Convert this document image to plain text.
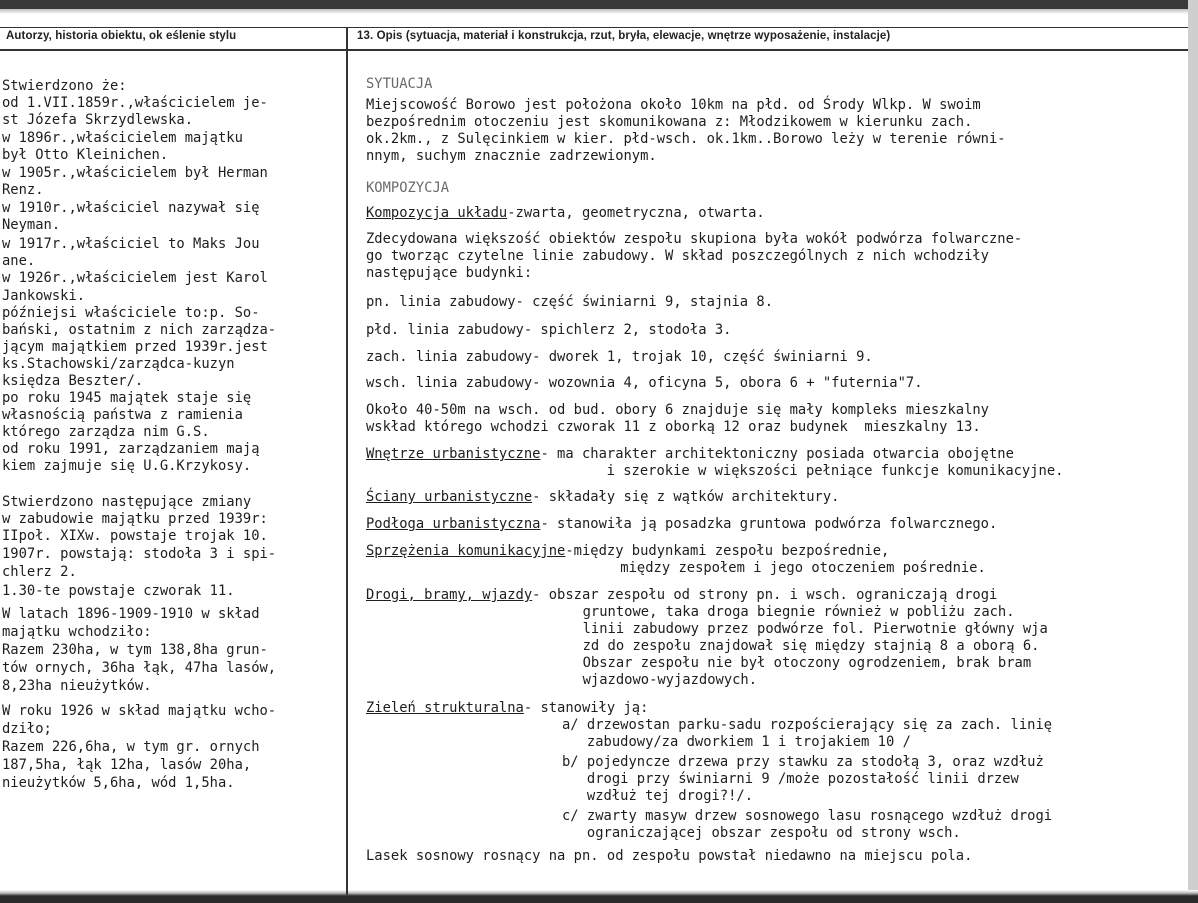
Autorzy, historia obiektu, ok eślenie stylu	13. Opis (sytuacja, materiał i konstrukcja, rzut, bryła, elewacje, wnętrze wyposażenie, instalacje)
Stwierdzono że:
od 1.VII.1859r.,właścicielem je-
st Józefa Skrzydlewska.
w 1896r.,właścicielem majątku
był Otto Kleinichen.
w 1905r.,właścicielem był Herman
Renz.
w 1910r.,właściciel nazywał się
Neyman.
w 1917r.,właściciel to Maks Jou
ane.
w 1926r.,właścicielem jest Karol
Jankowski.
późniejsi właściciele to:p. So-
bański, ostatnim z nich zarządza-
jącym majątkiem przed 1939r.jest
ks.Stachowski/zarządca-kuzyn
księdza Beszter/.
po roku 1945 majątek staje się
własnością państwa z ramienia
którego zarządza nim G.S.
od roku 1991, zarządzaniem mają
kiem zajmuje się U.G.Krzykosy.
Stwierdzono następujące zmiany
w zabudowie majątku przed 1939r:
IIpoł. XIXw. powstaje trojak 10.
1907r. powstają: stodoła 3 i spi-
chlerz 2.
1.30-te powstaje czworak 11.
W latach 1896-1909-1910 w skład
majątku wchodziło:
Razem 230ha, w tym 138,8ha grun-
tów ornych, 36ha łąk, 47ha lasów,
8,23ha nieużytków.
W roku 1926 w skład majątku wcho-
dziło;
Razem 226,6ha, w tym gr. ornych
187,5ha, łąk 12ha, lasów 20ha,
nieużytków 5,6ha, wód 1,5ha.
SYTUACJA
Miejscowość Borowo jest położona około 10km na płd. od Środy Wlkp. W swoim
bezpośrednim otoczeniu jest skomunikowana z: Młodzikowem w kierunku zach.
ok.2km., z Sulęcinkiem w kier. płd-wsch. ok.1km..Borowo leży w terenie równi-
nnym, suchym znacznie zadrzewionym.
KOMPOZYCJA
Kompozycja układu-zwarta, geometryczna, otwarta.
Zdecydowana większość obiektów zespołu skupiona była wokół podwórza folwarczne-
go tworząc czytelne linie zabudowy. W skład poszczególnych z nich wchodziły
następujące budynki:
pn. linia zabudowy- część świniarni 9, stajnia 8.
płd. linia zabudowy- spichlerz 2, stodoła 3.
zach. linia zabudowy- dworek 1, trojak 10, część świniarni 9.
wsch. linia zabudowy- wozownia 4, oficyna 5, obora 6 + "futernia"7.
Około 40-50m na wsch. od bud. obory 6 znajduje się mały kompleks mieszkalny
wskład którego wchodzi czworak 11 z oborką 12 oraz budynek  mieszkalny 13.
Wnętrze urbanistyczne- ma charakter architektoniczny posiada otwarcia obojętne
i szerokie w większości pełniące funkcje komunikacyjne.
Ściany urbanistyczne- składały się z wątków architektury.
Podłoga urbanistyczna- stanowiła ją posadzka gruntowa podwórza folwarcznego.
Sprzężenia komunikacyjne-między budynkami zespołu bezpośrednie,
między zespołem i jego otoczeniem pośrednie.
Drogi, bramy, wjazdy- obszar zespołu od strony pn. i wsch. ograniczają drogi
gruntowe, taka droga biegnie również w pobliżu zach.
linii zabudowy przez podwórze fol. Pierwotnie główny wja
zd do zespołu znajdował się między stajnią 8 a oborą 6.
Obszar zespołu nie był otoczony ogrodzeniem, brak bram
wjazdowo-wyjazdowych.
Zieleń strukturalna- stanowiły ją:
a/ drzewostan parku-sadu rozpościerający się za zach. linię
zabudowy/za dworkiem 1 i trojakiem 10 /
b/ pojedyncze drzewa przy stawku za stodołą 3, oraz wzdłuż
drogi przy świniarni 9 /może pozostałość linii drzew
wzdłuż tej drogi?!/.
c/ zwarty masyw drzew sosnowego lasu rosnącego wzdłuż drogi
ograniczającej obszar zespołu od strony wsch.
Lasek sosnowy rosnący na pn. od zespołu powstał niedawno na miejscu pola.
